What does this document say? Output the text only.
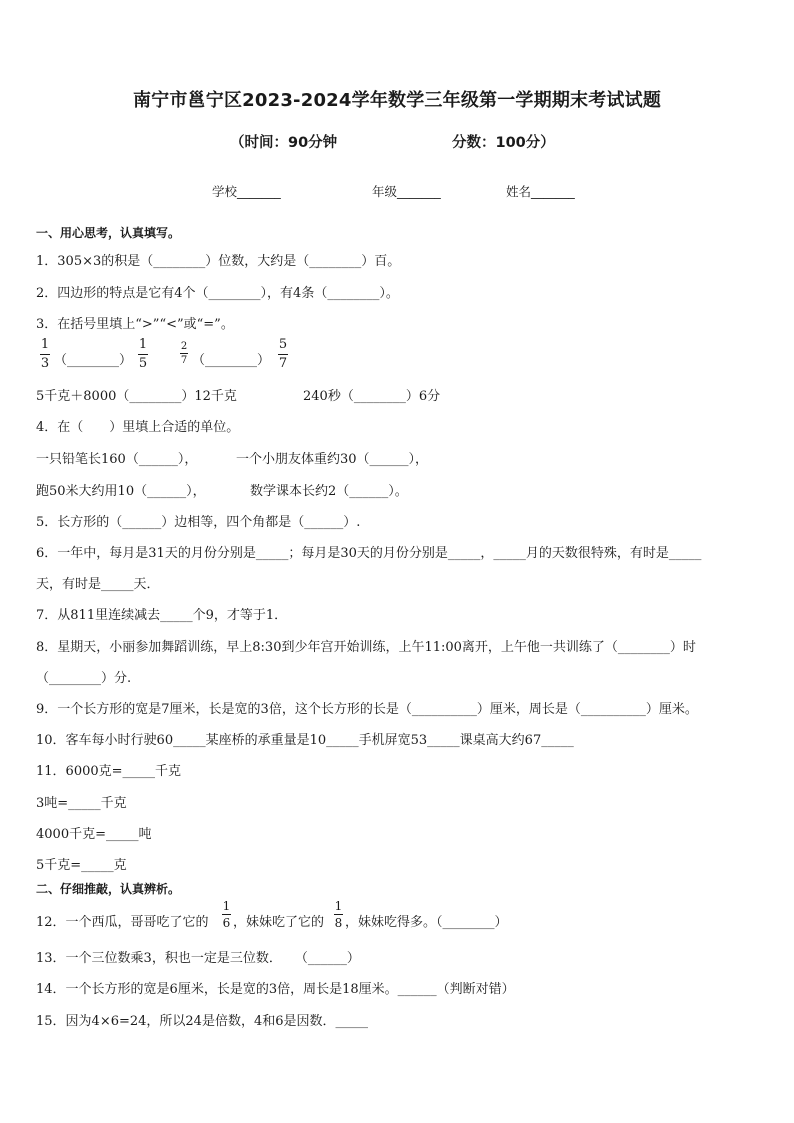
南宁市邕宁区2023-2024学年数学三年级第一学期期末考试试题
（时间：90分钟	分数：100分）
学校_______	年级_______	姓名_______
一、用心思考，认真填写。
1．305×3的积是（________）位数，大约是（________）百。
2．四边形的特点是它有4个（________），有4条（________）。
3．在括号里填上“>”“<”或“=”。
1
3 （________）
1
5
2
7 （________）
5
7
5千克＋8000（________）12千克	240秒（________）6分
4．在（　　）里填上合适的单位。
一只铅笔长160（______），	一个小朋友体重约30（______），
跑50米大约用10（______），	数学课本长约2（______）。
5．长方形的（______）边相等，四个角都是（______）.
6．一年中，每月是31天的月份分别是_____；每月是30天的月份分别是_____，_____月的天数很特殊，有时是_____
天，有时是_____天．
7．从811里连续减去_____个9，才等于1．
8．星期天，小丽参加舞蹈训练，早上8:30到少年宫开始训练，上午11:00离开，上午他一共训练了（________）时
（________）分.
9．一个长方形的宽是7厘米，长是宽的3倍，这个长方形的长是（__________）厘米，周长是（__________）厘米。
10．客车每小时行驶60_____某座桥的承重量是10_____手机屏宽53_____课桌高大约67_____
11．6000克=_____千克
3吨=_____千克
4000千克=_____吨
5千克=_____克
二、仔细推敲，认真辨析。
12．一个西瓜，哥哥吃了它的
1
6 ，妹妹吃了它的
1
8 ，妹妹吃得多。（________）
13．一个三位数乘3，积也一定是三位数．　　（______）
14．一个长方形的宽是6厘米，长是宽的3倍，周长是18厘米。______（判断对错）
15．因为4×6=24，所以24是倍数，4和6是因数．_____
